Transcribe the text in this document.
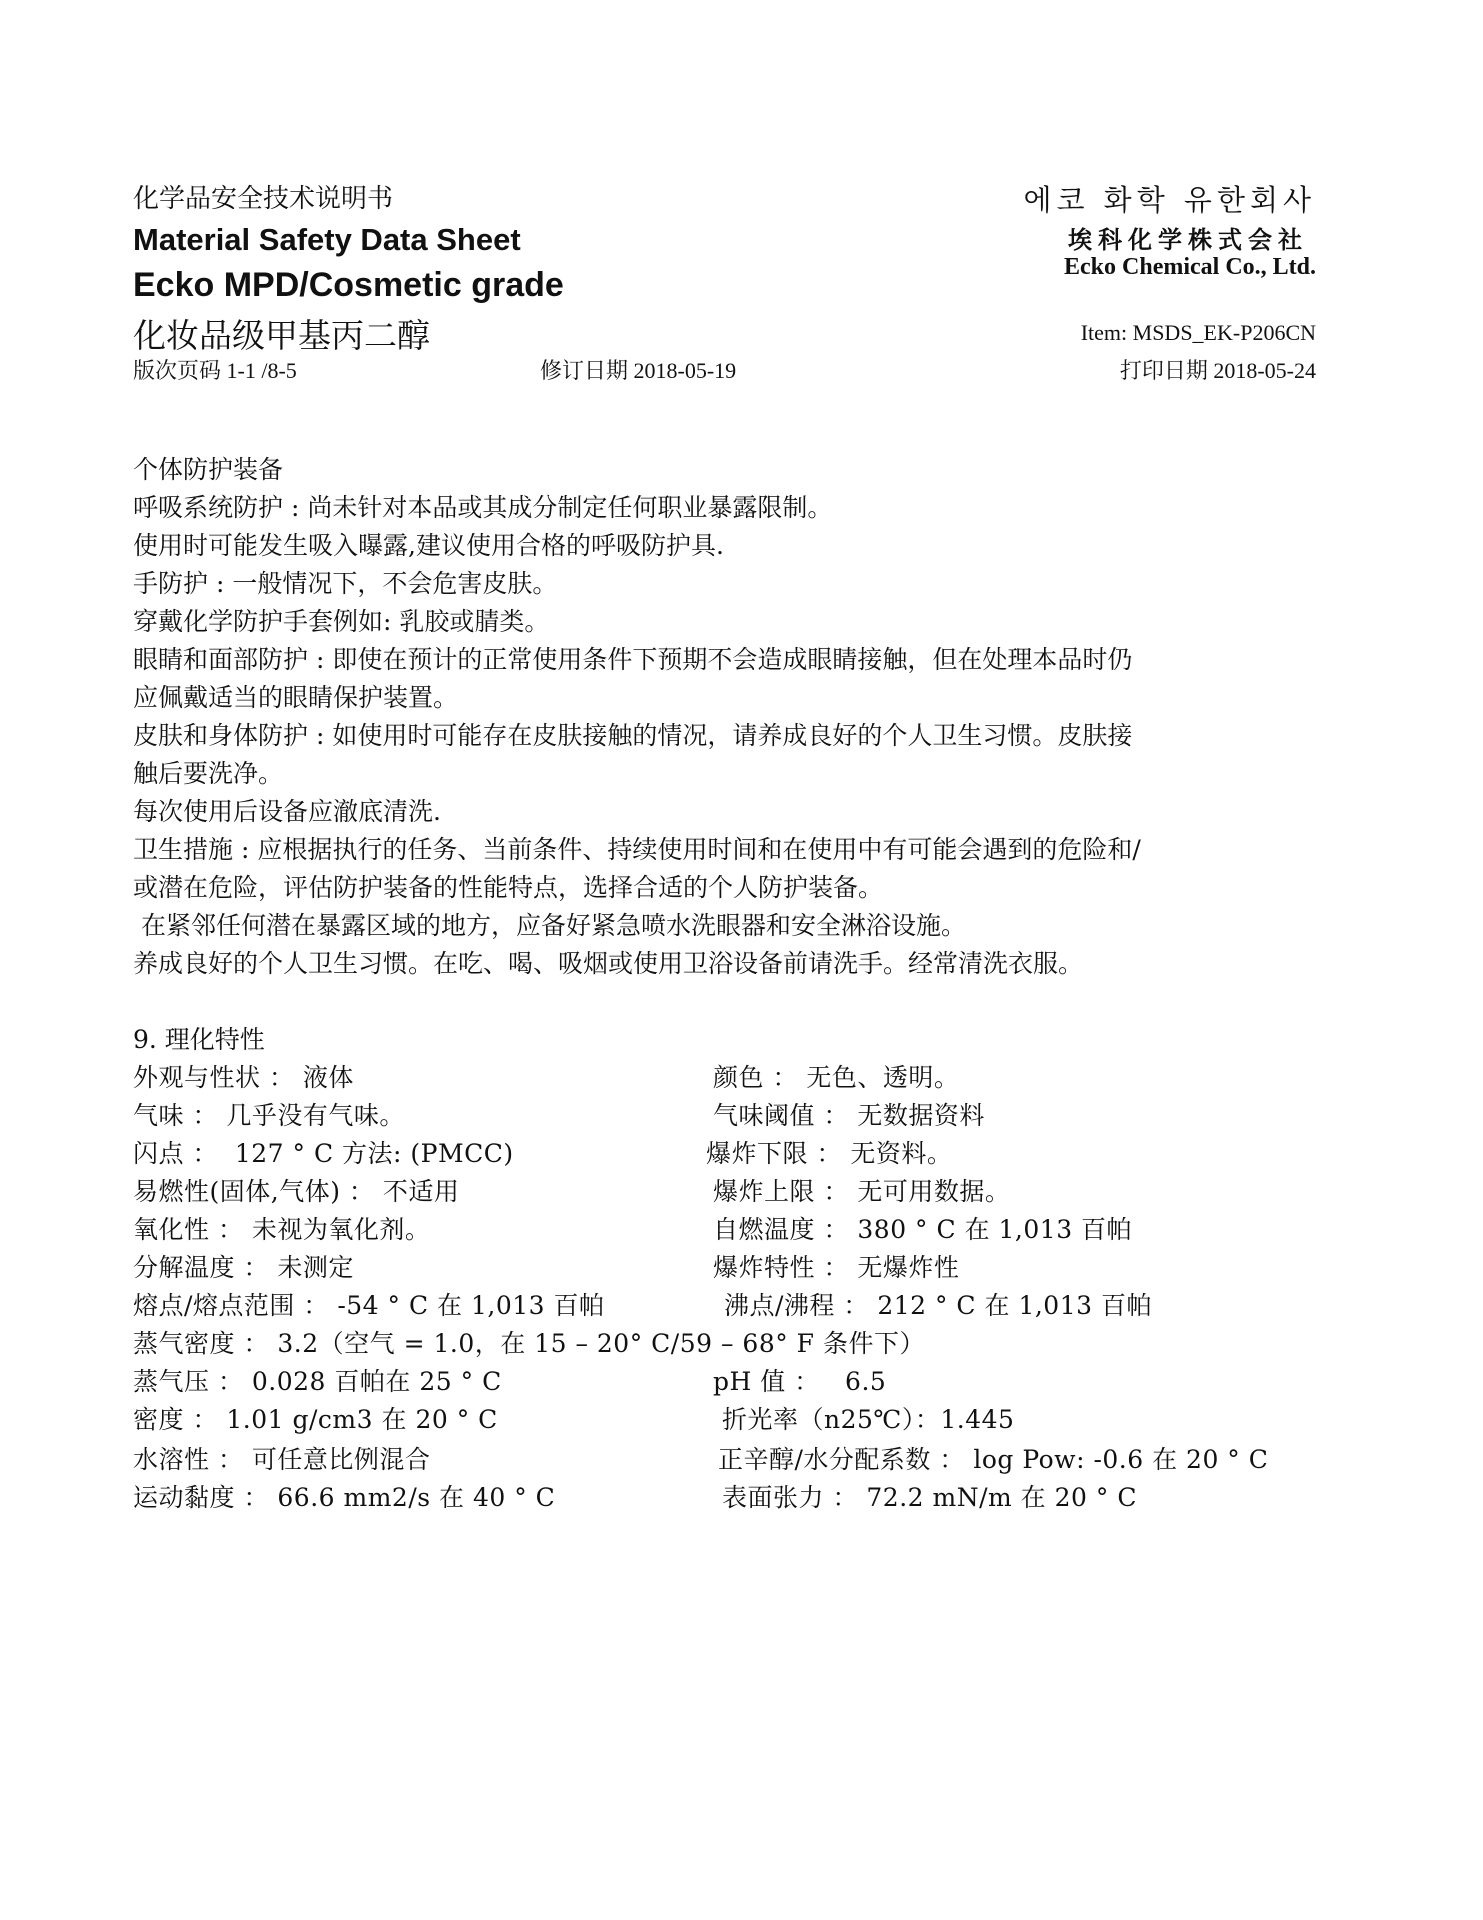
化学品安全技术说明书
Material Safety Data Sheet
Ecko MPD/Cosmetic grade
化妆品级甲基丙二醇
版次页码 1-1 /8-5	修订日期 2018-05-19
에코 화학 유한회사
埃科化学株式会社
Ecko Chemical Co., Ltd.
Item: MSDS_EK-P206CN
打印日期 2018-05-24

个体防护装备

呼吸系统防护 : 尚未针对本品或其成分制定任何职业暴露限制。

使用时可能发生吸入曝露,建议使用合格的呼吸防护具.

手防护 : 一般情况下，不会危害皮肤。

穿戴化学防护手套例如: 乳胶或腈类。

眼睛和面部防护 : 即使在预计的正常使用条件下预期不会造成眼睛接触，但在处理本品时仍

应佩戴适当的眼睛保护装置。

皮肤和身体防护 : 如使用时可能存在皮肤接触的情况，请养成良好的个人卫生习惯。皮肤接

触后要洗净。

每次使用后设备应澈底清洗.

卫生措施 : 应根据执行的任务、当前条件、持续使用时间和在使用中有可能会遇到的危险和/

或潜在危险，评估防护装备的性能特点，选择合适的个人防护装备。

在紧邻任何潜在暴露区域的地方，应备好紧急喷水洗眼器和安全淋浴设施。

养成良好的个人卫生习惯。在吃、喝、吸烟或使用卫浴设备前请洗手。经常清洗衣服。

9. 理化特性
外观与性状 ： 液体	颜色 ： 无色、透明。
气味 ： 几乎没有气味。	气味阈值 ： 无数据资料
闪点 ：  127 ° C 方法: (PMCC)	爆炸下限 ： 无资料。
易燃性(固体,气体) ： 不适用	爆炸上限 ： 无可用数据。
氧化性 ： 未视为氧化剂。	自燃温度 ： 380 ° C 在 1,013 百帕
分解温度 ： 未测定	爆炸特性 ： 无爆炸性
熔点/熔点范围 ： -54 ° C 在 1,013 百帕	沸点/沸程 ： 212 ° C 在 1,013 百帕
蒸气密度 ： 3.2（空气 = 1.0，在 15 – 20° C/59 – 68° F 条件下）
蒸气压 ： 0.028 百帕在 25 ° C	pH 值 ：   6.5
密度 ： 1.01 g/cm3 在 20 ° C	折光率（n25℃）：1.445
水溶性 ： 可任意比例混合	正辛醇/水分配系数 ： log Pow: -0.6 在 20 ° C
运动黏度 ： 66.6 mm2/s 在 40 ° C	表面张力 ： 72.2 mN/m 在 20 ° C
